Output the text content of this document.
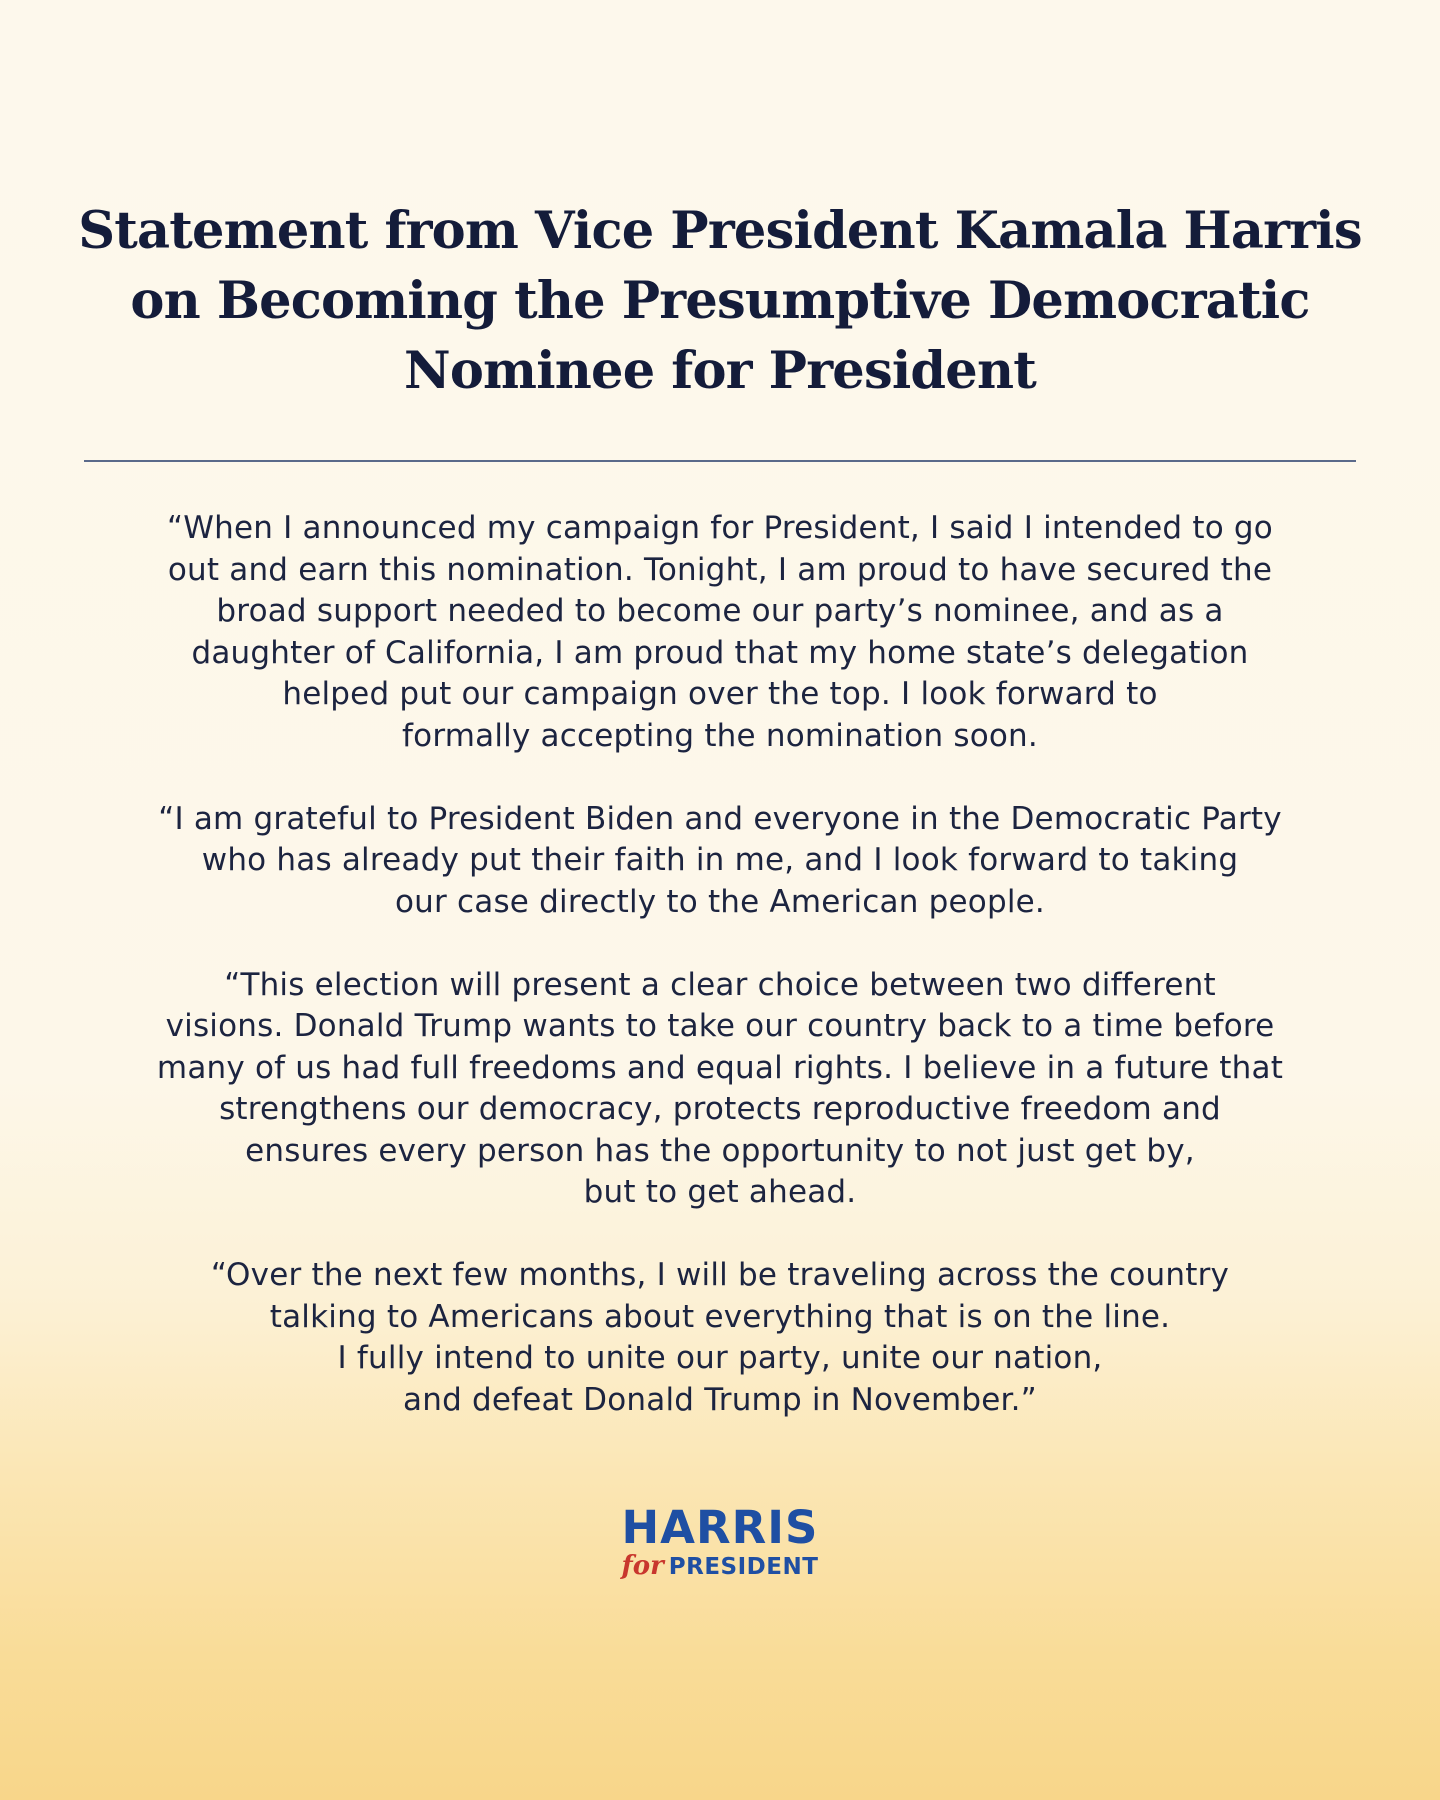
Statement from Vice President Kamala Harris
on Becoming the Presumptive Democratic
Nominee for President

“When I announced my campaign for President, I said I intended to go
out and earn this nomination. Tonight, I am proud to have secured the
broad support needed to become our party’s nominee, and as a
daughter of California, I am proud that my home state’s delegation
helped put our campaign over the top. I look forward to
formally accepting the nomination soon.

“I am grateful to President Biden and everyone in the Democratic Party
who has already put their faith in me, and I look forward to taking
our case directly to the American people.

“This election will present a clear choice between two different
visions. Donald Trump wants to take our country back to a time before
many of us had full freedoms and equal rights. I believe in a future that
strengthens our democracy, protects reproductive freedom and
ensures every person has the opportunity to not just get by,
but to get ahead.

“Over the next few months, I will be traveling across the country
talking to Americans about everything that is on the line.
I fully intend to unite our party, unite our nation,
and defeat Donald Trump in November.”

HARRIS
for PRESIDENT
